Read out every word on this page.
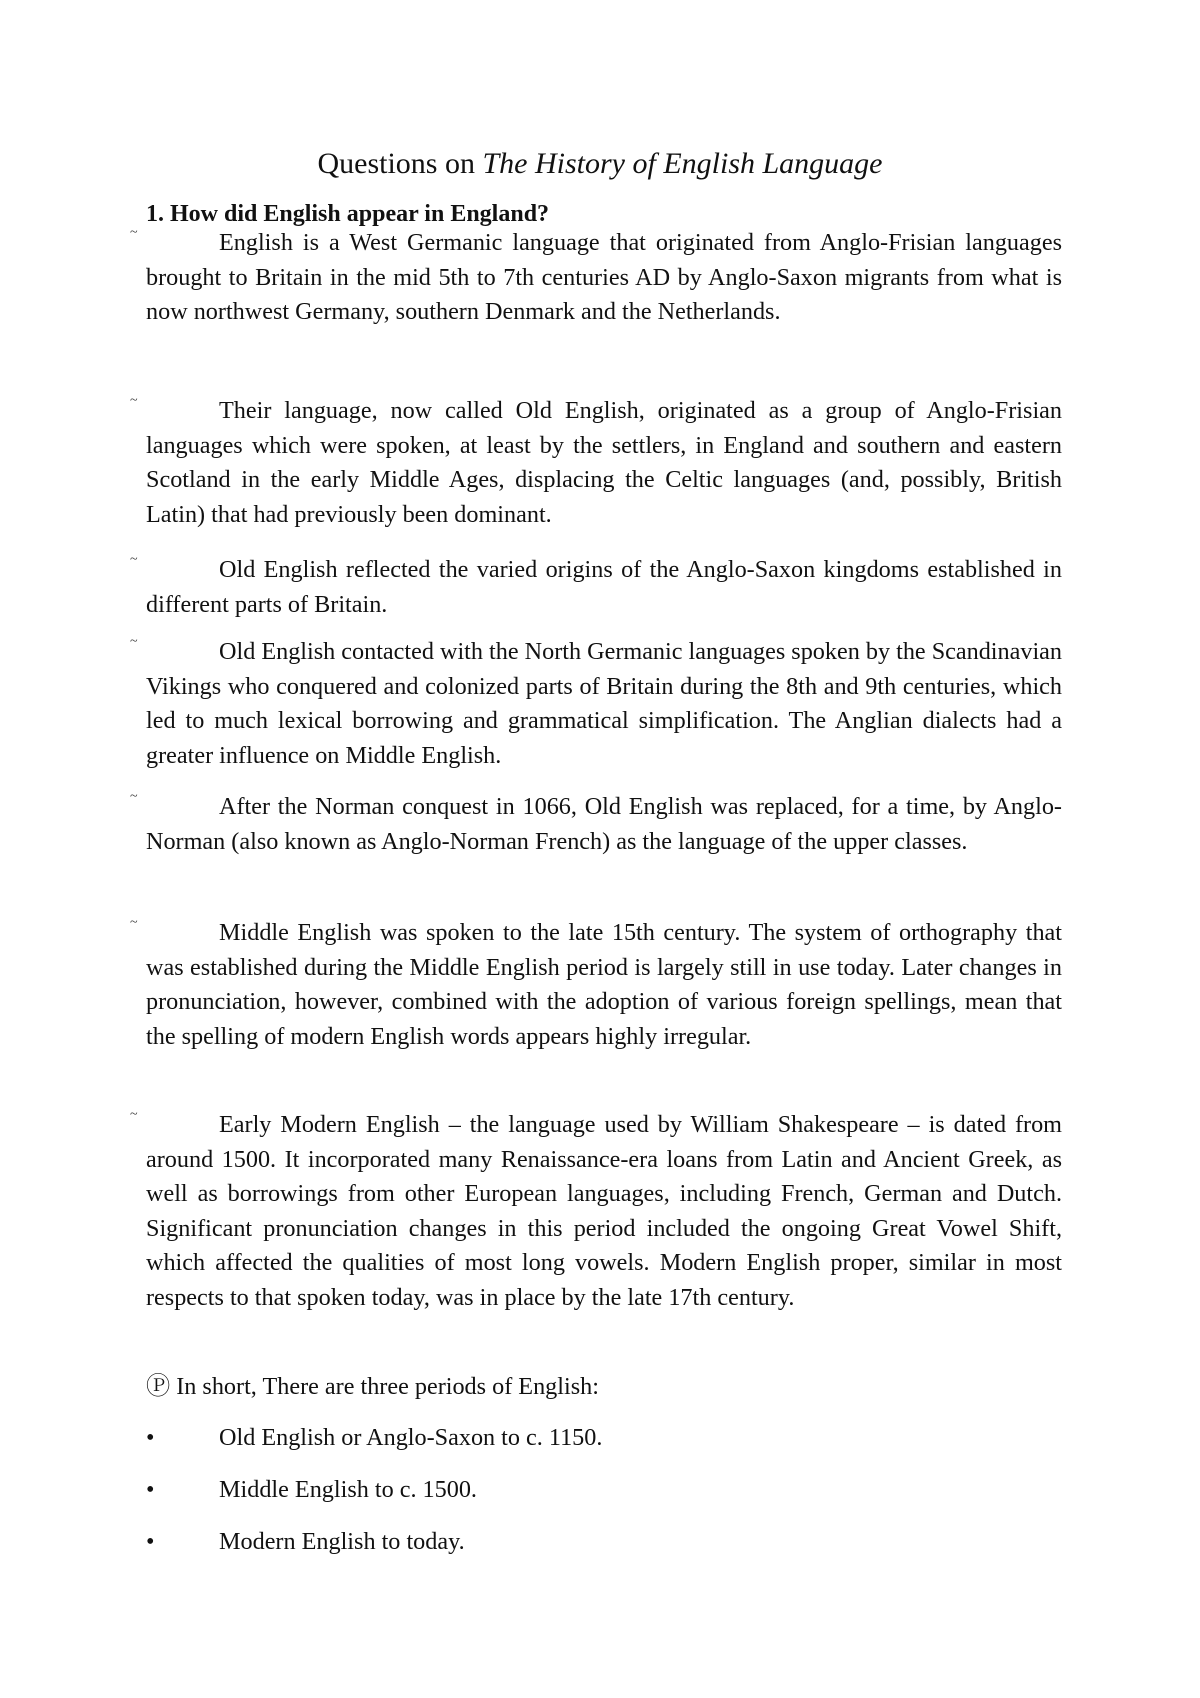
Questions on The History of English Language
1. How did English appear in England?
~	English is a West Germanic language that originated from Anglo-Frisian languages brought to Britain in the mid 5th to 7th centuries AD by Anglo-Saxon migrants from what is now northwest Germany, southern Denmark and the Netherlands.

~	Their language, now called Old English, originated as a group of Anglo-Frisian languages which were spoken, at least by the settlers, in England and southern and eastern Scotland in the early Middle Ages, displacing the Celtic languages (and, possibly, British Latin) that had previously been dominant.

~	Old English reflected the varied origins of the Anglo-Saxon kingdoms established in different parts of Britain.

~	Old English contacted with the North Germanic languages spoken by the Scandinavian Vikings who conquered and colonized parts of Britain during the 8th and 9th centuries, which led to much lexical borrowing and grammatical simplification. The Anglian dialects had a greater influence on Middle English.

~	After the Norman conquest in 1066, Old English was replaced, for a time, by Anglo-Norman (also known as Anglo-Norman French) as the language of the upper classes.

~	Middle English was spoken to the late 15th century. The system of orthography that was established during the Middle English period is largely still in use today. Later changes in pronunciation, however, combined with the adoption of various foreign spellings, mean that the spelling of modern English words appears highly irregular.

~	Early Modern English – the language used by William Shakespeare – is dated from around 1500. It incorporated many Renaissance-era loans from Latin and Ancient Greek, as well as borrowings from other European languages, including French, German and Dutch. Significant pronunciation changes in this period included the ongoing Great Vowel Shift, which affected the qualities of most long vowels. Modern English proper, similar in most respects to that spoken today, was in place by the late 17th century.

Ⓟ In short, There are three periods of English:
•	Old English or Anglo-Saxon to c. 1150.
•	Middle English to c. 1500.
•	Modern English to today.
